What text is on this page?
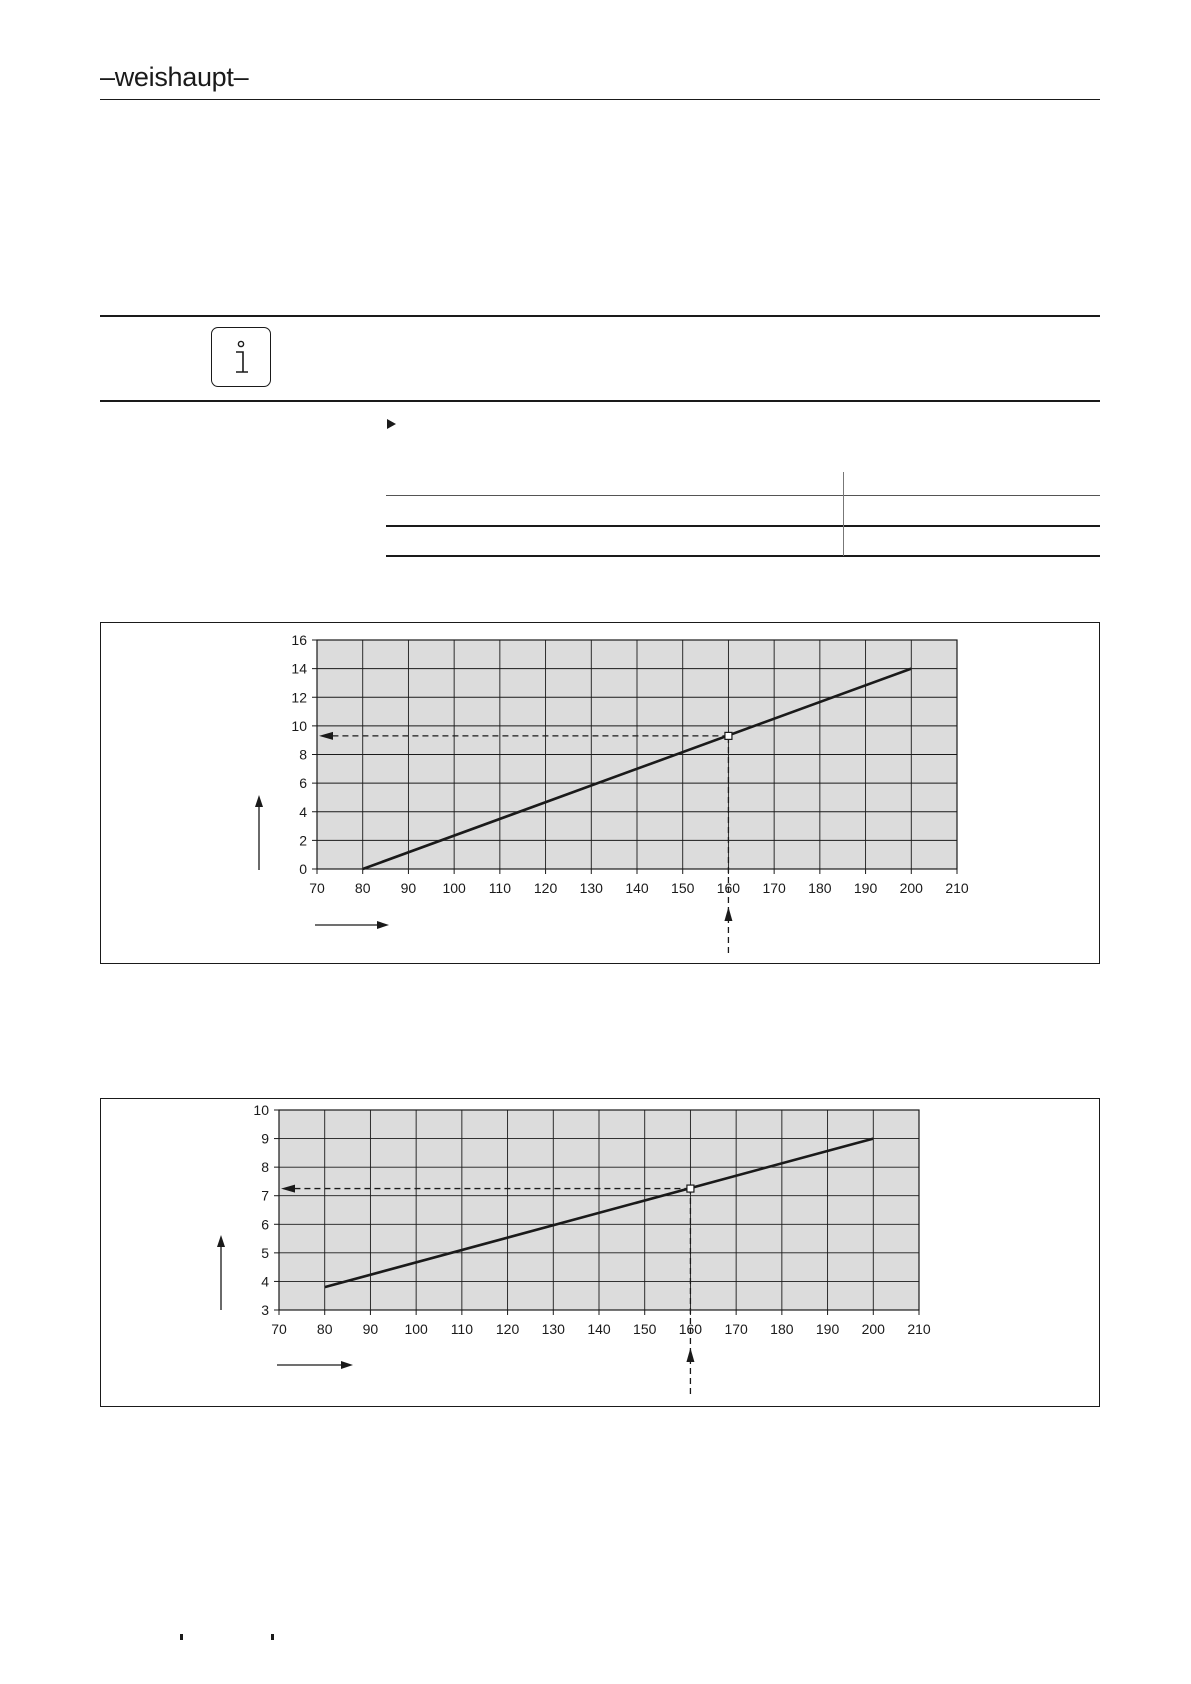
–weishaupt–
70 80 90 100 110 120 130 140 150 160 170 180 190 200 210
0
2
4
6
8
10
12
14
16
70 80 90 100 110 120 130 140 150 160 170 180 190 200 210
3
4
5
6
7
8
9
10
